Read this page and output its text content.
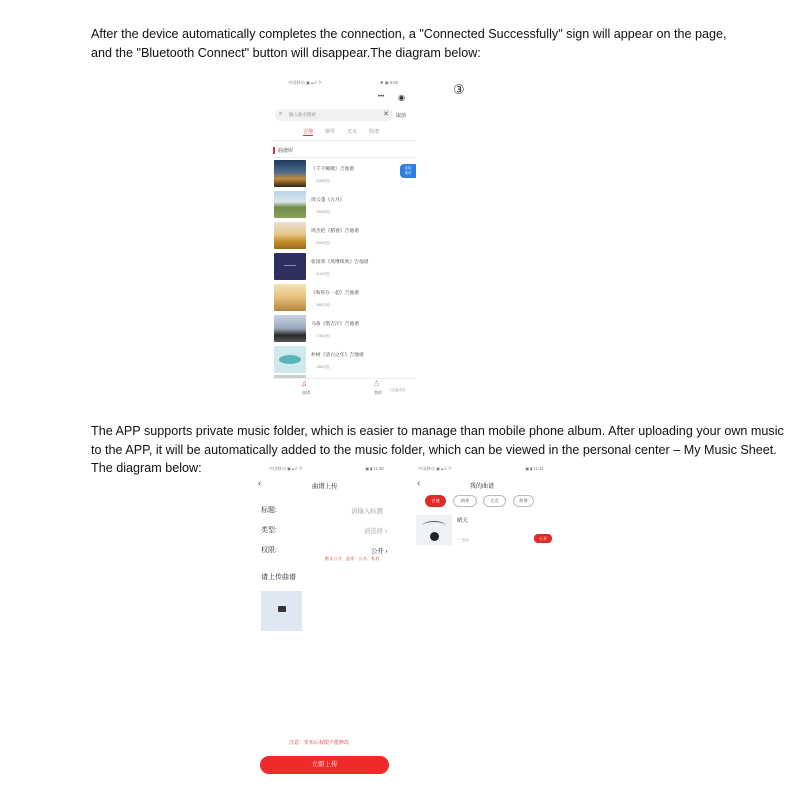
After the device automatically completes the connection, a "Connected Successfully" sign will appear on the page,
and the "Bluetooth Connect" button will disappear.The diagram below:
③
中国移动 ▣ ▴.ıl 令	✱ ▣ 9:56
••• ◉
⌕ 输入曲名搜索	✕ 取消
吉他 钢琴 尤克 简谱
曲谱库
《千千阙歌》吉他谱
3038浏览
周云蓬《九月》
2953浏览
周杰伦《稻香》吉他谱
5063浏览
张国荣《风继续吹》吉他谱
3144浏览
《和你在一起》吉他谱
3681浏览
马条《塔吉汗》吉他谱
2786浏览
朴树《清白之年》吉他谱
2860浏览
连接
成功
♫
曲谱
♙
我的 ◌ 连接成功
The APP supports private music folder, which is easier to manage than mobile phone album. After uploading your own music
to the APP, it will be automatically added to the music folder, which can be viewed in the personal center – My Music Sheet.
The diagram below:	中国移动 ▣ ▴.ıl 令	▣ ▮ 11:30
‹	曲谱上传
标题:	请输入标题
类型:	请选择 ›
权限:	公开 ›
默认公开，选项：公开、私有
请上传曲谱
注意：发布后权限不能修改
立即上传
中国移动 ▣ ▴.ıl 令	▣ ▮ 11:31
‹	我的曲谱
吉他	钢琴	尤克	简谱
晴天
一 选曲	公开
